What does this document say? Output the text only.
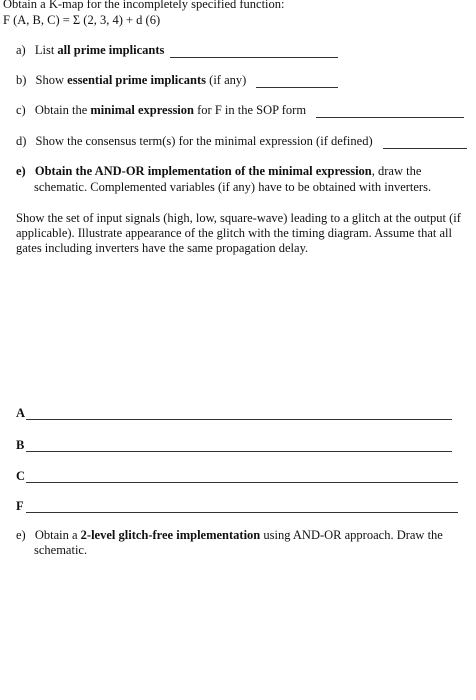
Obtain a K-map for the incompletely specified function:
F (A, B, C) = Σ (2, 3, 4) + d (6)
a) List all prime implicants
b) Show essential prime implicants (if any)
c) Obtain the minimal expression for F in the SOP form
d) Show the consensus term(s) for the minimal expression (if defined)
e) Obtain the AND-OR implementation of the minimal expression, draw the
schematic. Complemented variables (if any) have to be obtained with inverters.
Show the set of input signals (high, low, square-wave) leading to a glitch at the output (if
applicable). Illustrate appearance of the glitch with the timing diagram. Assume that all
gates including inverters have the same propagation delay.
A
B
C
F
e) Obtain a 2-level glitch-free implementation using AND-OR approach. Draw the
schematic.
